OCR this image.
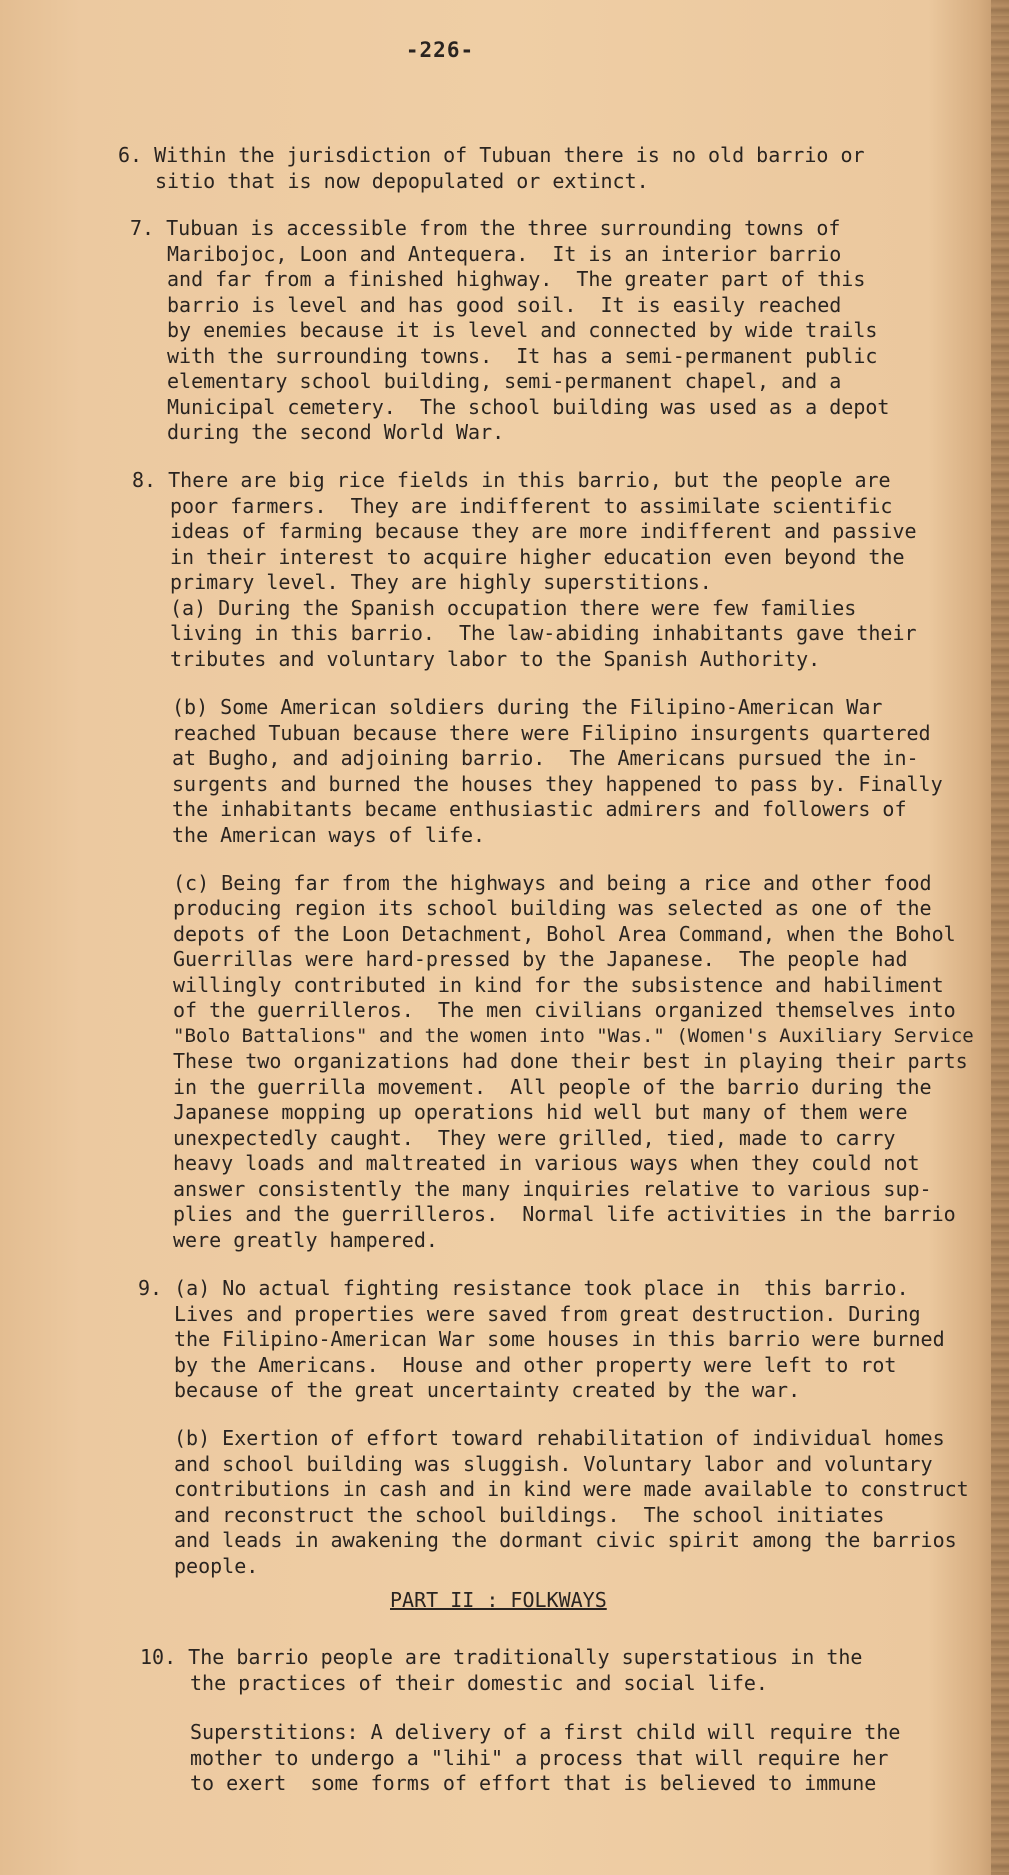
-226-
6. Within the jurisdiction of Tubuan there is no old barrio or
sitio that is now depopulated or extinct.
7. Tubuan is accessible from the three surrounding towns of
Maribojoc, Loon and Antequera.  It is an interior barrio
and far from a finished highway.  The greater part of this
barrio is level and has good soil.  It is easily reached
by enemies because it is level and connected by wide trails
with the surrounding towns.  It has a semi-permanent public
elementary school building, semi-permanent chapel, and a
Municipal cemetery.  The school building was used as a depot
during the second World War.
8. There are big rice fields in this barrio, but the people are
poor farmers.  They are indifferent to assimilate scientific
ideas of farming because they are more indifferent and passive
in their interest to acquire higher education even beyond the
primary level. They are highly superstitions.
(a) During the Spanish occupation there were few families
living in this barrio.  The law-abiding inhabitants gave their
tributes and voluntary labor to the Spanish Authority.
(b) Some American soldiers during the Filipino-American War
reached Tubuan because there were Filipino insurgents quartered
at Bugho, and adjoining barrio.  The Americans pursued the in-
surgents and burned the houses they happened to pass by. Finally
the inhabitants became enthusiastic admirers and followers of
the American ways of life.
(c) Being far from the highways and being a rice and other food
producing region its school building was selected as one of the
depots of the Loon Detachment, Bohol Area Command, when the Bohol
Guerrillas were hard-pressed by the Japanese.  The people had
willingly contributed in kind for the subsistence and habiliment
of the guerrilleros.  The men civilians organized themselves into
"Bolo Battalions" and the women into "Was." (Women's Auxiliary Service
These two organizations had done their best in playing their parts
in the guerrilla movement.  All people of the barrio during the
Japanese mopping up operations hid well but many of them were
unexpectedly caught.  They were grilled, tied, made to carry
heavy loads and maltreated in various ways when they could not
answer consistently the many inquiries relative to various sup-
plies and the guerrilleros.  Normal life activities in the barrio
were greatly hampered.
9. (a) No actual fighting resistance took place in  this barrio.
Lives and properties were saved from great destruction. During
the Filipino-American War some houses in this barrio were burned
by the Americans.  House and other property were left to rot
because of the great uncertainty created by the war.
(b) Exertion of effort toward rehabilitation of individual homes
and school building was sluggish. Voluntary labor and voluntary
contributions in cash and in kind were made available to construct
and reconstruct the school buildings.  The school initiates
and leads in awakening the dormant civic spirit among the barrios
people.
PART II : FOLKWAYS
10. The barrio people are traditionally superstatious in the
the practices of their domestic and social life.
Superstitions: A delivery of a first child will require the
mother to undergo a "lihi" a process that will require her
to exert  some forms of effort that is believed to immune
